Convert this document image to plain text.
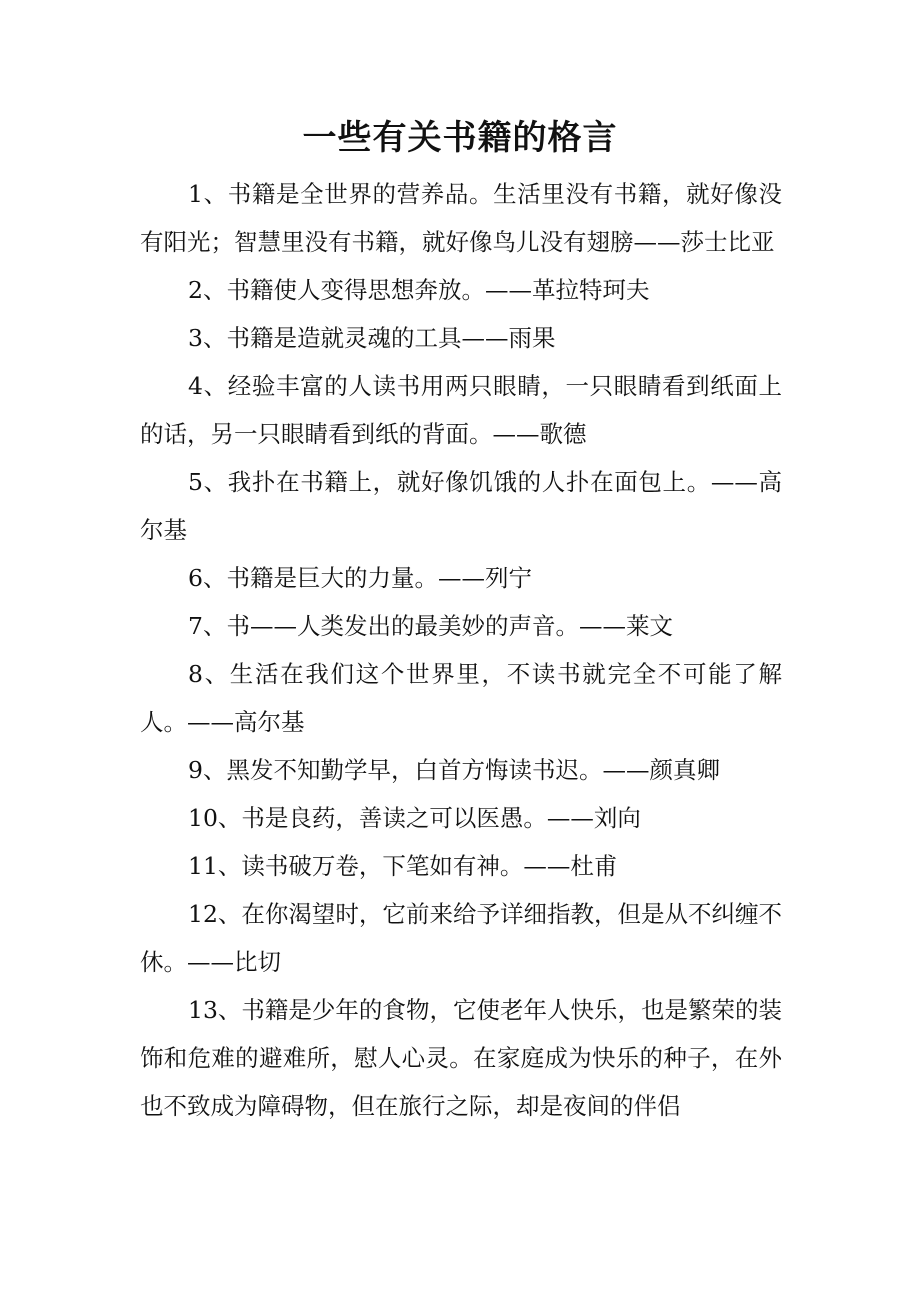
一些有关书籍的格言

1、书籍是全世界的营养品。生活里没有书籍，就好像没有阳光；智慧里没有书籍，就好像鸟儿没有翅膀——莎士比亚

2、书籍使人变得思想奔放。——革拉特珂夫

3、书籍是造就灵魂的工具——雨果

4、经验丰富的人读书用两只眼睛，一只眼睛看到纸面上的话，另一只眼睛看到纸的背面。——歌德

5、我扑在书籍上，就好像饥饿的人扑在面包上。——高尔基

6、书籍是巨大的力量。——列宁

7、书——人类发出的最美妙的声音。——莱文

8、生活在我们这个世界里，不读书就完全不可能了解人。——高尔基

9、黑发不知勤学早，白首方悔读书迟。——颜真卿

10、书是良药，善读之可以医愚。——刘向

11、读书破万卷，下笔如有神。——杜甫

12、在你渴望时，它前来给予详细指教，但是从不纠缠不休。——比切

13、书籍是少年的食物，它使老年人快乐，也是繁荣的装饰和危难的避难所，慰人心灵。在家庭成为快乐的种子，在外也不致成为障碍物，但在旅行之际，却是夜间的伴侣
